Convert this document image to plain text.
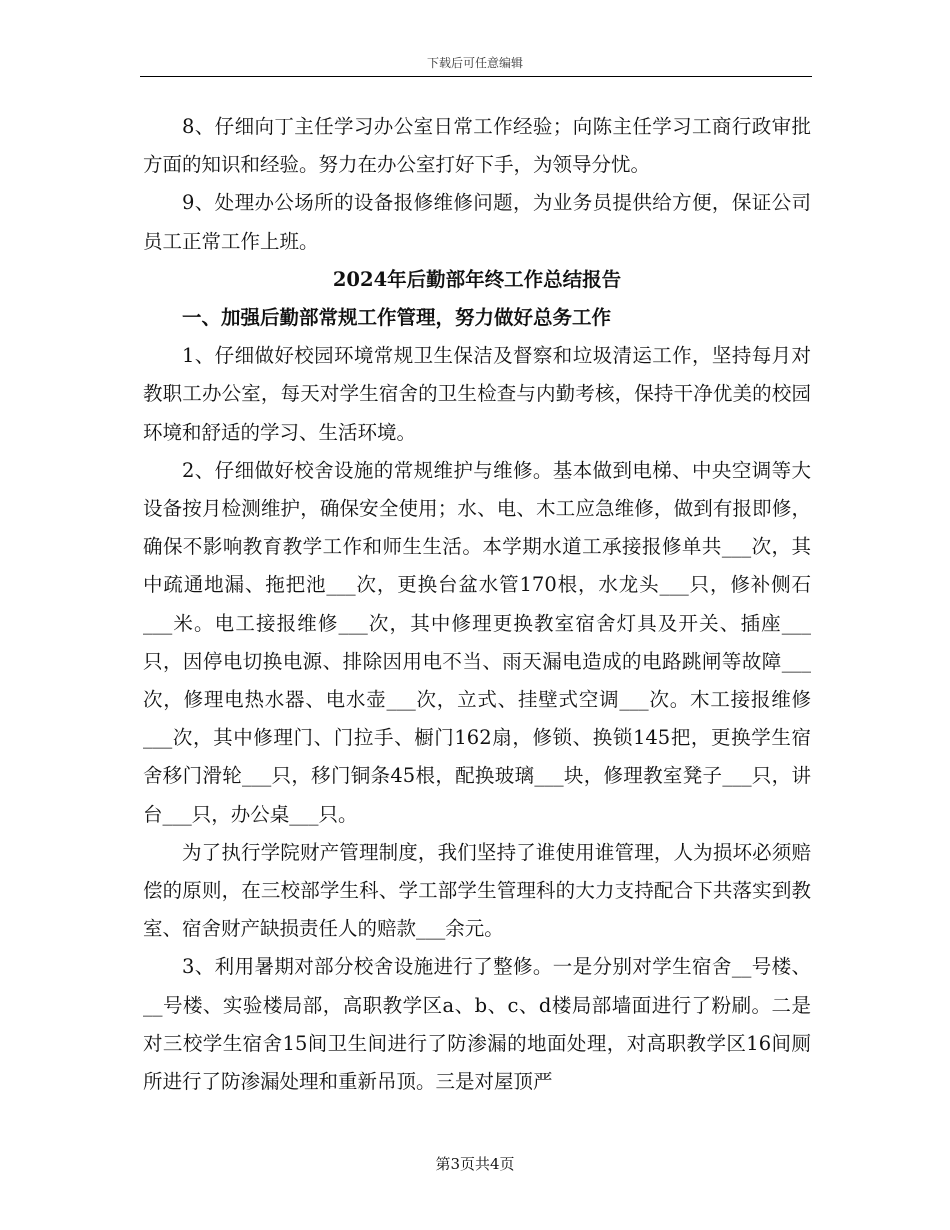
下载后可任意编辑

8、仔细向丁主任学习办公室日常工作经验；向陈主任学习工商行政审批方面的知识和经验。努力在办公室打好下手，为领导分忧。

9、处理办公场所的设备报修维修问题，为业务员提供给方便，保证公司员工正常工作上班。

2024年后勤部年终工作总结报告

一、加强后勤部常规工作管理，努力做好总务工作

1、仔细做好校园环境常规卫生保洁及督察和垃圾清运工作，坚持每月对教职工办公室，每天对学生宿舍的卫生检查与内勤考核，保持干净优美的校园环境和舒适的学习、生活环境。

2、仔细做好校舍设施的常规维护与维修。基本做到电梯、中央空调等大设备按月检测维护，确保安全使用；水、电、木工应急维修，做到有报即修，确保不影响教育教学工作和师生生活。本学期水道工承接报修单共___次，其中疏通地漏、拖把池___次，更换台盆水管170根，水龙头___只，修补侧石___米。电工接报维修___次，其中修理更换教室宿舍灯具及开关、插座___只，因停电切换电源、排除因用电不当、雨天漏电造成的电路跳闸等故障___次，修理电热水器、电水壶___次，立式、挂壁式空调___次。木工接报维修___次，其中修理门、门拉手、橱门162扇，修锁、换锁145把，更换学生宿舍移门滑轮___只，移门铜条45根，配换玻璃___块，修理教室凳子___只，讲台___只，办公桌___只。

为了执行学院财产管理制度，我们坚持了谁使用谁管理，人为损坏必须赔偿的原则，在三校部学生科、学工部学生管理科的大力支持配合下共落实到教室、宿舍财产缺损责任人的赔款___余元。

3、利用暑期对部分校舍设施进行了整修。一是分别对学生宿舍__号楼、__号楼、实验楼局部，高职教学区a、b、c、d楼局部墙面进行了粉刷。二是对三校学生宿舍15间卫生间进行了防渗漏的地面处理，对高职教学区16间厕所进行了防渗漏处理和重新吊顶。三是对屋顶严

第3页共4页
